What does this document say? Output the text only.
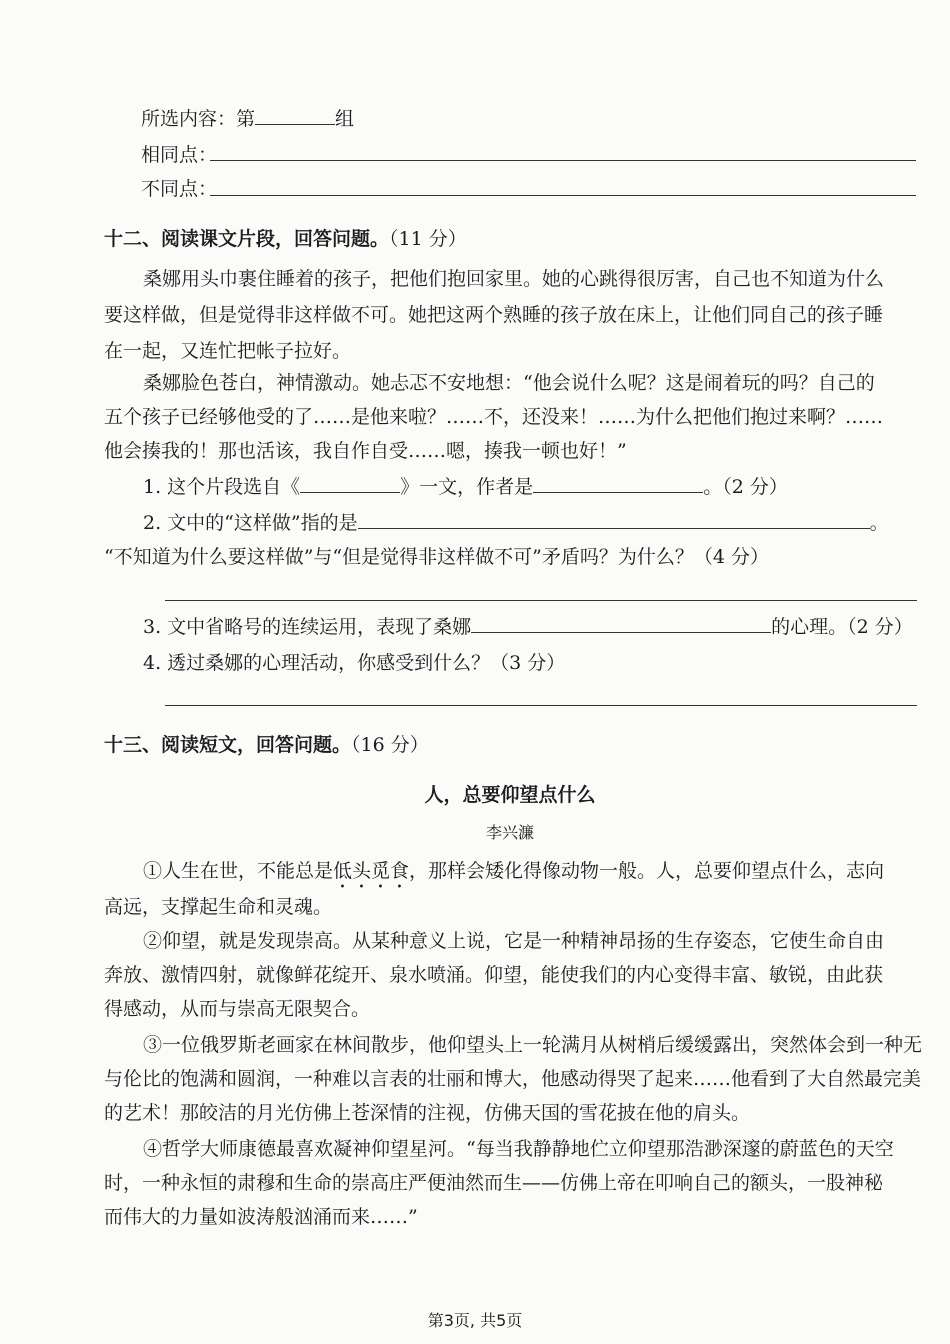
所选内容：第	组
相同点：
不同点：
十二、阅读课文片段，回答问题。（11 分）
桑娜用头巾裹住睡着的孩子，把他们抱回家里。她的心跳得很厉害，自己也不知道为什么
要这样做，但是觉得非这样做不可。她把这两个熟睡的孩子放在床上，让他们同自己的孩子睡
在一起，又连忙把帐子拉好。
桑娜脸色苍白，神情激动。她忐忑不安地想：“他会说什么呢？这是闹着玩的吗？自己的
五个孩子已经够他受的了……是他来啦？……不，还没来！……为什么把他们抱过来啊？……
他会揍我的！那也活该，我自作自受……嗯，揍我一顿也好！”
1. 这个片段选自《	》一文，作者是	。（2 分）
2. 文中的“这样做”指的是	。
“不知道为什么要这样做”与“但是觉得非这样做不可”矛盾吗？为什么？（4 分）
3. 文中省略号的连续运用，表现了桑娜	的心理。（2 分）
4. 透过桑娜的心理活动，你感受到什么？（3 分）
十三、阅读短文，回答问题。（16 分）
人，总要仰望点什么
李兴濂
①人生在世，不能总是低头觅食，那样会矮化得像动物一般。人，总要仰望点什么，志向
高远，支撑起生命和灵魂。
②仰望，就是发现崇高。从某种意义上说，它是一种精神昂扬的生存姿态，它使生命自由
奔放、激情四射，就像鲜花绽开、泉水喷涌。仰望，能使我们的内心变得丰富、敏锐，由此获
得感动，从而与崇高无限契合。
③一位俄罗斯老画家在林间散步，他仰望头上一轮满月从树梢后缓缓露出，突然体会到一种无
与伦比的饱满和圆润，一种难以言表的壮丽和博大，他感动得哭了起来……他看到了大自然最完美
的艺术！那皎洁的月光仿佛上苍深情的注视，仿佛天国的雪花披在他的肩头。
④哲学大师康德最喜欢凝神仰望星河。“每当我静静地伫立仰望那浩渺深邃的蔚蓝色的天空
时，一种永恒的肃穆和生命的崇高庄严便油然而生——仿佛上帝在叩响自己的额头，一股神秘
而伟大的力量如波涛般汹涌而来……”
第3页, 共5页
